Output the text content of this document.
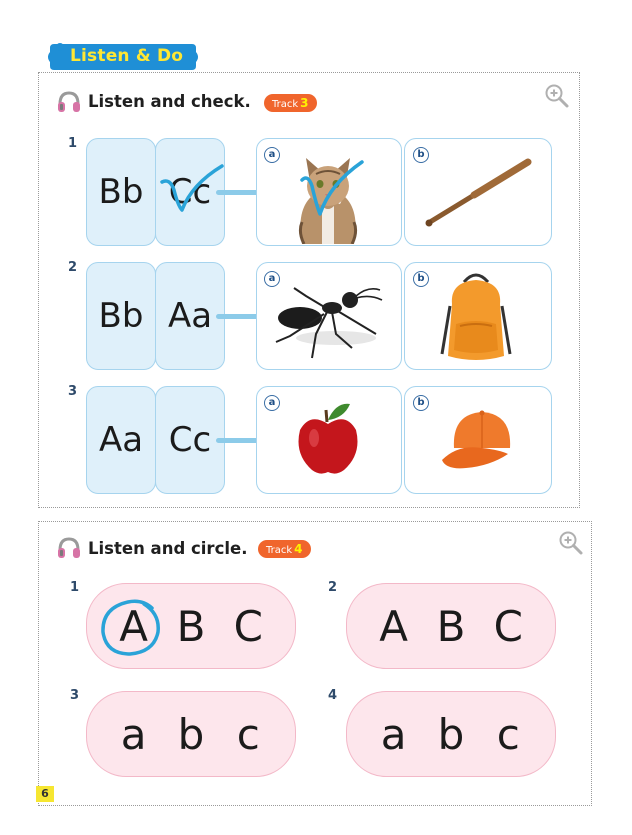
Listen & Do
Listen and check.	Track 3
1
Bb Cc
a	b
2
Bb Aa
a	b
3
Aa Cc
a	b
Listen and circle.	Track 4
1
A B C
2
A B C
3
a b c
4
a b c
6
